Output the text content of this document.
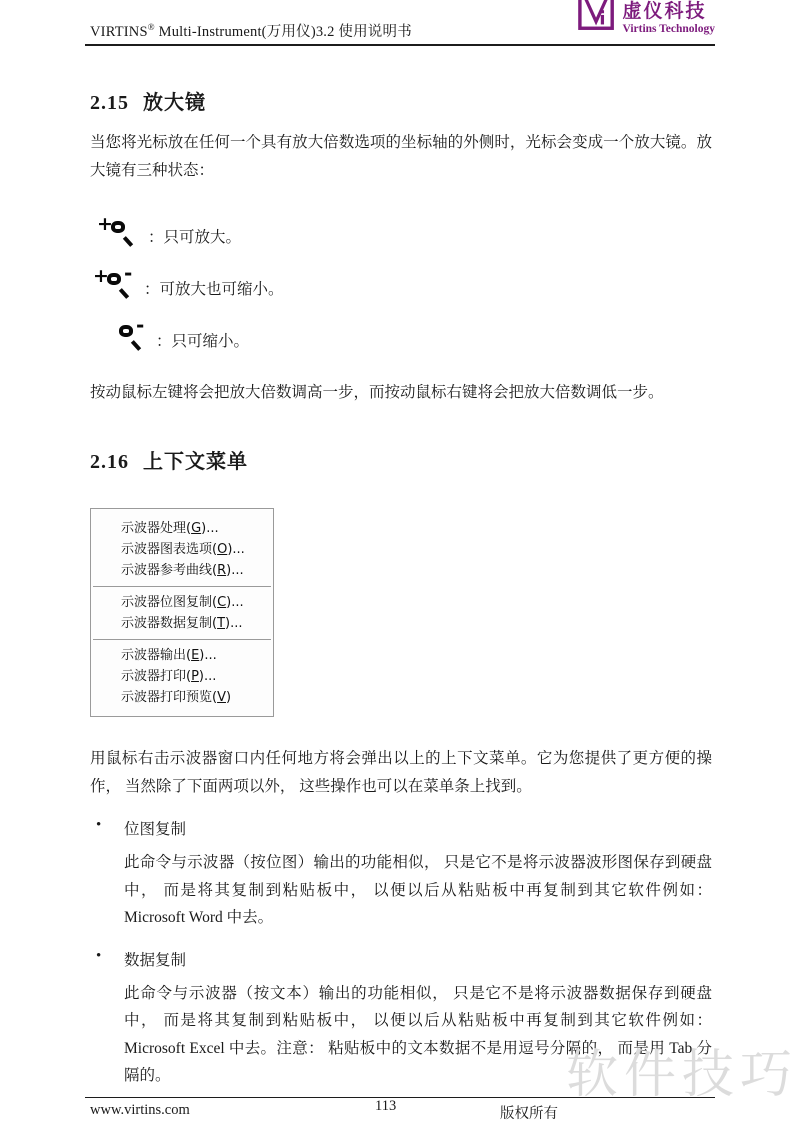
VIRTINS® Multi-Instrument(万用仪)3.2 使用说明书
虚仪科技
Virtins Technology
2.15 放大镜
当您将光标放在任何一个具有放大倍数选项的坐标轴的外侧时，光标会变成一个放大镜。放大镜有三种状态：
+
：只可放大。
+ -
：可放大也可缩小。
-
：只可缩小。
按动鼠标左键将会把放大倍数调高一步，而按动鼠标右键将会把放大倍数调低一步。
2.16 上下文菜单
示波器处理(G)...
示波器图表选项(O)...
示波器参考曲线(R)...
示波器位图复制(C)...
示波器数据复制(T)...
示波器输出(E)...
示波器打印(P)...
示波器打印预览(V)
用鼠标右击示波器窗口内任何地方将会弹出以上的上下文菜单。它为您提供了更方便的操作， 当然除了下面两项以外， 这些操作也可以在菜单条上找到。
•	位图复制
此命令与示波器（按位图）输出的功能相似， 只是它不是将示波器波形图保存到硬盘中， 而是将其复制到粘贴板中， 以便以后从粘贴板中再复制到其它软件例如： Microsoft Word 中去。
•	数据复制
此命令与示波器（按文本）输出的功能相似， 只是它不是将示波器数据保存到硬盘中， 而是将其复制到粘贴板中， 以便以后从粘贴板中再复制到其它软件例如： Microsoft Excel 中去。注意： 粘贴板中的文本数据不是用逗号分隔的， 而是用 Tab 分隔的。	软件技巧
www.virtins.com	113	版权所有
